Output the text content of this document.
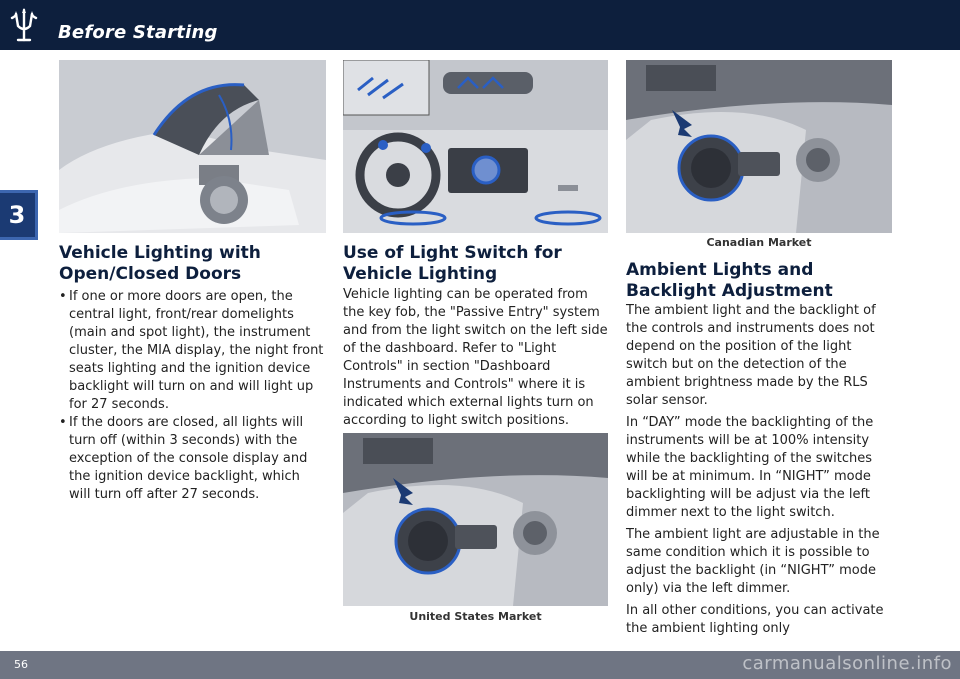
Before Starting
3
Vehicle Lighting with Open/Closed Doors
• If one or more doors are open, the central light, front/rear domelights (main and spot light), the instrument cluster, the MIA display, the night front seats lighting and the ignition device backlight will turn on and will light up for 27 seconds.
• If the doors are closed, all lights will turn off (within 3 seconds) with the exception of the console display and the ignition device backlight, which will turn off after 27 seconds.
Use of Light Switch for Vehicle Lighting
Vehicle lighting can be operated from the key fob, the "Passive Entry" system and from the light switch on the left side of the dashboard. Refer to "Light Controls" in section "Dashboard Instruments and Controls" where it is indicated which external lights turn on according to light switch positions.
United States Market
Canadian Market
Ambient Lights and Backlight Adjustment

The ambient light and the backlight of the controls and instruments does not depend on the position of the light switch but on the detection of the ambient brightness made by the RLS solar sensor.

In “DAY” mode the backlighting of the instruments will be at 100% intensity while the backlighting of the switches will be at minimum. In “NIGHT” mode backlighting will be adjust via the left dimmer next to the light switch.

The ambient light are adjustable in the same condition which it is possible to adjust the backlight (in “NIGHT” mode only) via the left dimmer.

In all other conditions, you can activate the ambient lighting only

56	carmanualsonline.info
